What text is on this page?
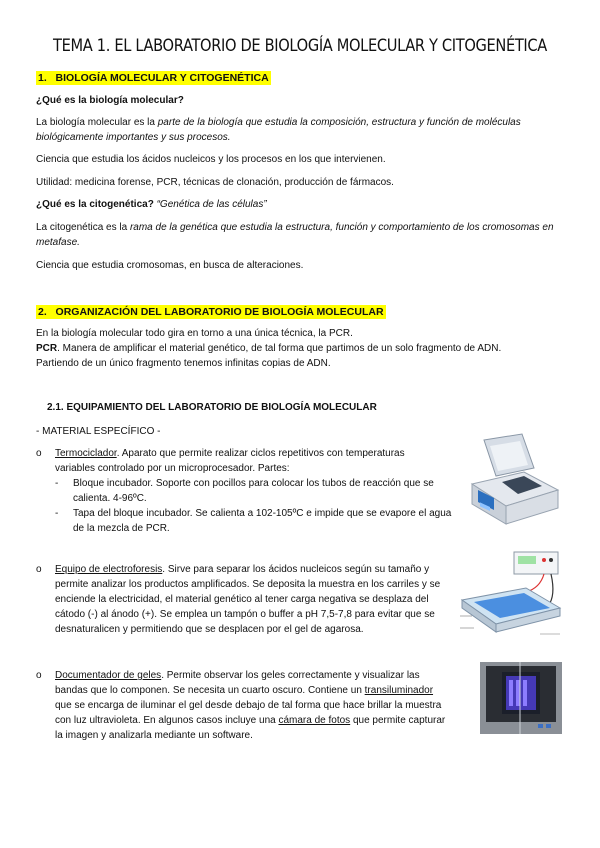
TEMA 1. EL LABORATORIO DE BIOLOGÍA MOLECULAR Y CITOGENÉTICA
1. BIOLOGÍA MOLECULAR Y CITOGENÉTICA
¿Qué es la biología molecular?
La biología molecular es la parte de la biología que estudia la composición, estructura y función de moléculas
biológicamente importantes y sus procesos.
Ciencia que estudia los ácidos nucleicos y los procesos en los que intervienen.
Utilidad: medicina forense, PCR, técnicas de clonación, producción de fármacos.
¿Qué es la citogenética? “Genética de las células”
La citogenética es la rama de la genética que estudia la estructura, función y comportamiento de los cromosomas en
metafase.
Ciencia que estudia cromosomas, en busca de alteraciones.
2. ORGANIZACIÓN DEL LABORATORIO DE BIOLOGÍA MOLECULAR
En la biología molecular todo gira en torno a una única técnica, la PCR.
PCR. Manera de amplificar el material genético, de tal forma que partimos de un solo fragmento de ADN.
Partiendo de un único fragmento tenemos infinitas copias de ADN.
2.1. EQUIPAMIENTO DEL LABORATORIO DE BIOLOGÍA MOLECULAR
- MATERIAL ESPECÍFICO -
o Termociclador. Aparato que permite realizar ciclos repetitivos con temperaturas
variables controlado por un microprocesador. Partes:
- Bloque incubador. Soporte con pocillos para colocar los tubos de reacción que se
calienta. 4-96ºC.
- Tapa del bloque incubador. Se calienta a 102-105ºC e impide que se evapore el agua
de la mezcla de PCR.
o Equipo de electroforesis. Sirve para separar los ácidos nucleicos según su tamaño y
permite analizar los productos amplificados. Se deposita la muestra en los carriles y se
enciende la electricidad, el material genético al tener carga negativa se desplaza del
cátodo (-) al ánodo (+). Se emplea un tampón o buffer a pH 7,5-7,8 para evitar que se
desnaturalicen y permitiendo que se desplacen por el gel de agarosa.
o Documentador de geles. Permite observar los geles correctamente y visualizar las
bandas que lo componen. Se necesita un cuarto oscuro. Contiene un transiluminador
que se encarga de iluminar el gel desde debajo de tal forma que hace brillar la muestra
con luz ultravioleta. En algunos casos incluye una cámara de fotos que permite capturar
la imagen y analizarla mediante un software.
